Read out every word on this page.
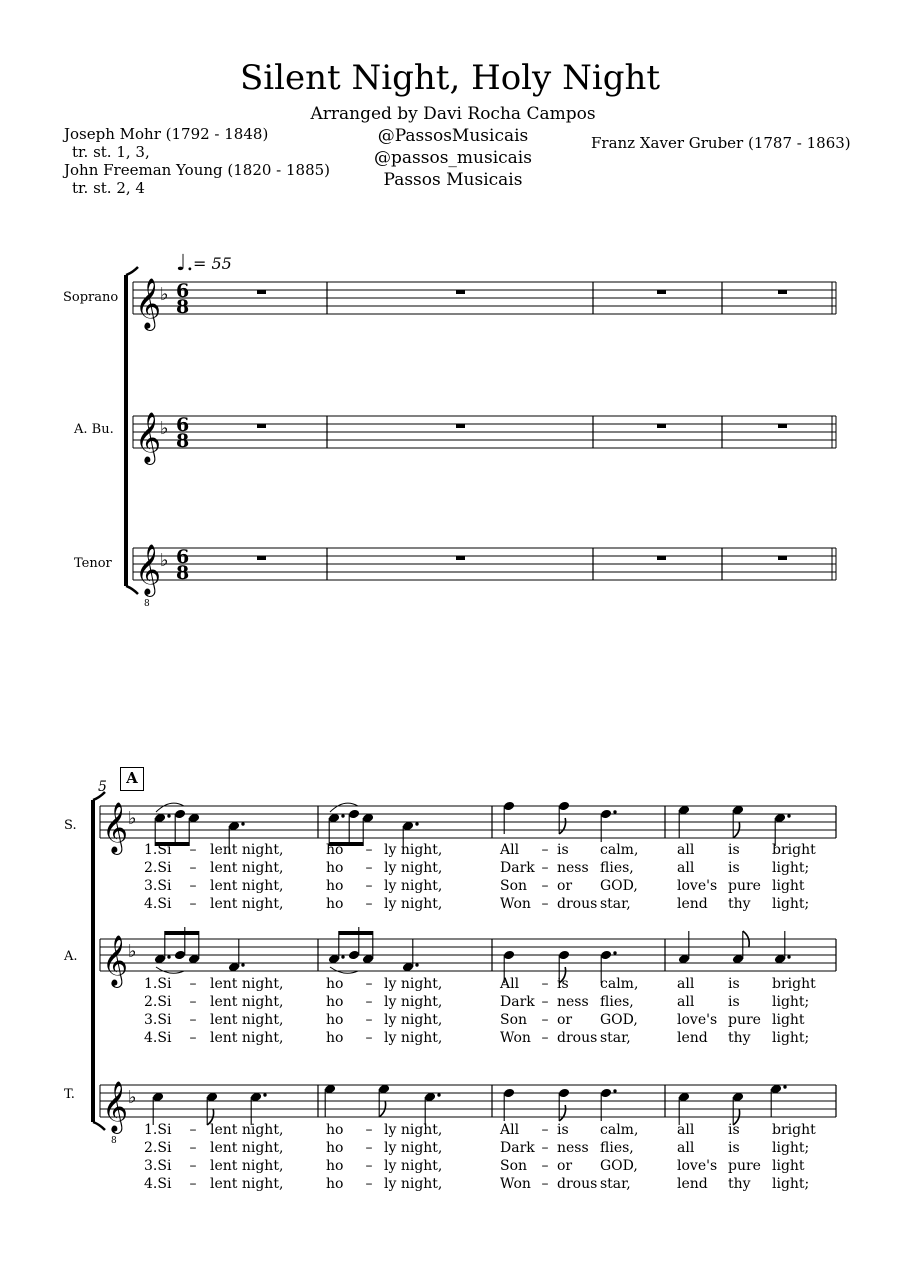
Silent Night, Holy Night
Arranged by Davi Rocha Campos
@PassosMusicais
@passos_musicais
Passos Musicais
Joseph Mohr (1792 - 1848)
tr. st. 1, 3,
John Freeman Young (1820 - 1885)
tr. st. 2, 4
Franz Xaver Gruber (1787 - 1863)
♩. = 55
Soprano
A. Bu.
Tenor
5	A
S.
A.
T.
𝄞
♭ 6
8
𝄞
♭ 6
8
𝄞
8
♭ 6
8
𝄞 ♭
𝄞 ♭
𝄞
8
♭
1.Si	lent night,	ho	ly night,	All	is calm,	all is bright
–	–	–
2.Si	lent night,	ho	ly night,	Dark ness flies,	all is light;
–	–	–
3.Si	lent night,	ho	ly night,	Son or GOD,	love's pure light
–	–	–
4.Si	lent night,	ho	ly night,	Won drous star,	lend thy light;
–	–	–
1.Si	lent night,	ho	ly night,	All	is calm,	all is bright
–	–	–
2.Si	lent night,	ho	ly night,	Dark ness flies,	all is light;
–	–	–
3.Si	lent night,	ho	ly night,	Son or GOD,	love's pure light
–	–	–
4.Si	lent night,	ho	ly night,	Won drous star,	lend thy light;
–	–	–
1.Si	lent night,	ho	ly night,	All	is calm,	all is bright
–	–	–
2.Si	lent night,	ho	ly night,	Dark ness flies,	all is light;
–	–	–
3.Si	lent night,	ho	ly night,	Son or GOD,	love's pure light
–	–	–
4.Si	lent night,	ho	ly night,	Won drous star,	lend thy light;
–	–	–
